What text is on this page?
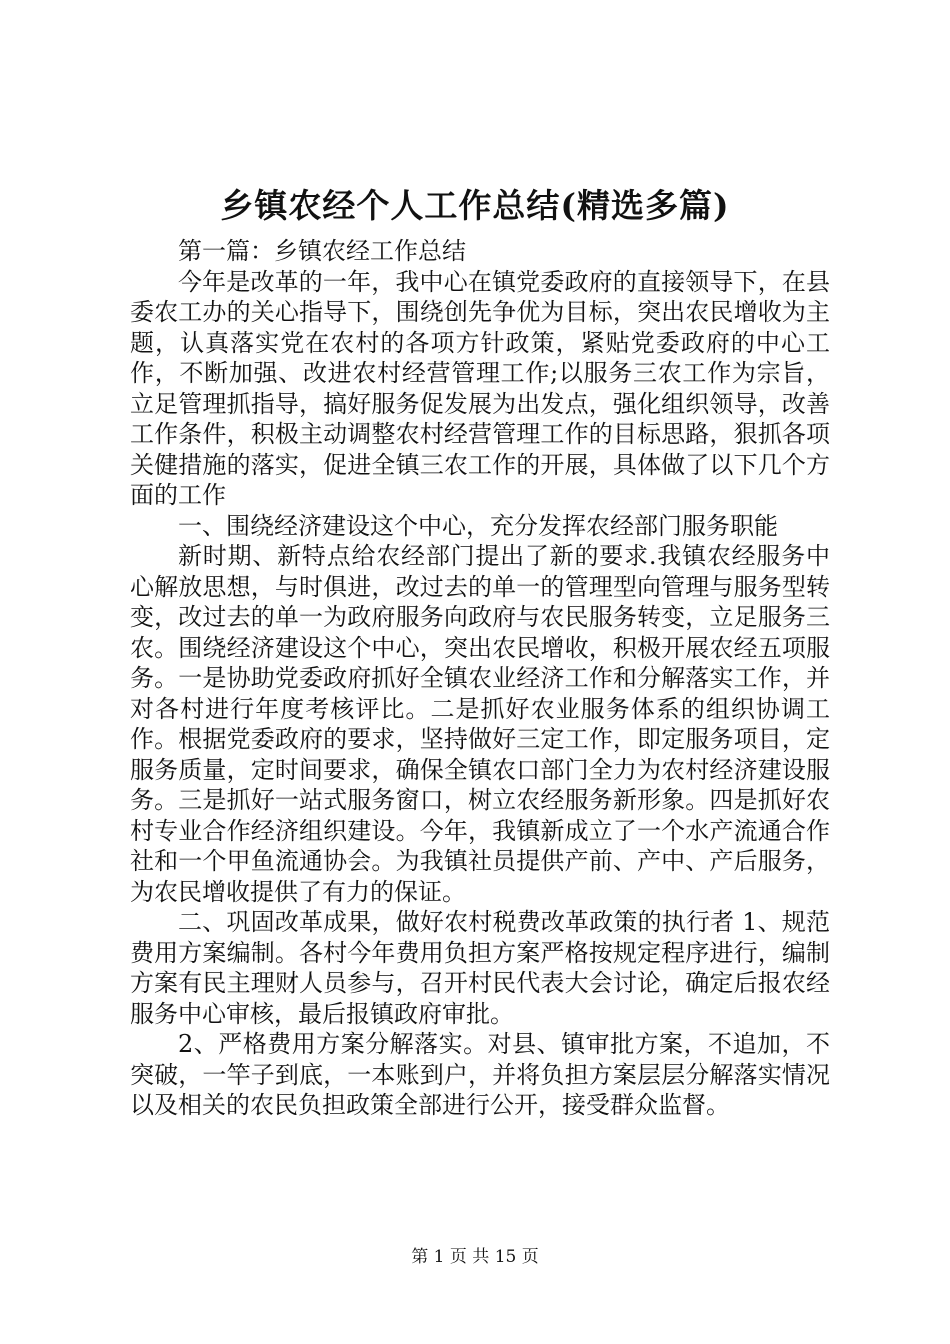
乡镇农经个人工作总结(精选多篇)

第一篇：乡镇农经工作总结

今年是改革的一年，我中心在镇党委政府的直接领导下，在县委农工办的关心指导下，围绕创先争优为目标，突出农民增收为主题，认真落实党在农村的各项方针政策，紧贴党委政府的中心工作，不断加强、改进农村经营管理工作;以服务三农工作为宗旨，立足管理抓指导，搞好服务促发展为出发点，强化组织领导，改善工作条件，积极主动调整农村经营管理工作的目标思路，狠抓各项关健措施的落实，促进全镇三农工作的开展，具体做了以下几个方面的工作

一、围绕经济建设这个中心，充分发挥农经部门服务职能

新时期、新特点给农经部门提出了新的要求.我镇农经服务中心解放思想，与时俱进，改过去的单一的管理型向管理与服务型转变，改过去的单一为政府服务向政府与农民服务转变，立足服务三农。围绕经济建设这个中心，突出农民增收，积极开展农经五项服务。一是协助党委政府抓好全镇农业经济工作和分解落实工作，并对各村进行年度考核评比。二是抓好农业服务体系的组织协调工作。根据党委政府的要求，坚持做好三定工作，即定服务项目，定服务质量，定时间要求，确保全镇农口部门全力为农村经济建设服务。三是抓好一站式服务窗口，树立农经服务新形象。四是抓好农村专业合作经济组织建设。今年，我镇新成立了一个水产流通合作社和一个甲鱼流通协会。为我镇社员提供产前、产中、产后服务，为农民增收提供了有力的保证。

二、巩固改革成果，做好农村税费改革政策的执行者 1、规范费用方案编制。各村今年费用负担方案严格按规定程序进行，编制方案有民主理财人员参与，召开村民代表大会讨论，确定后报农经服务中心审核，最后报镇政府审批。

2、严格费用方案分解落实。对县、镇审批方案，不追加，不突破，一竿子到底，一本账到户，并将负担方案层层分解落实情况以及相关的农民负担政策全部进行公开，接受群众监督。

第 1 页 共 15 页
